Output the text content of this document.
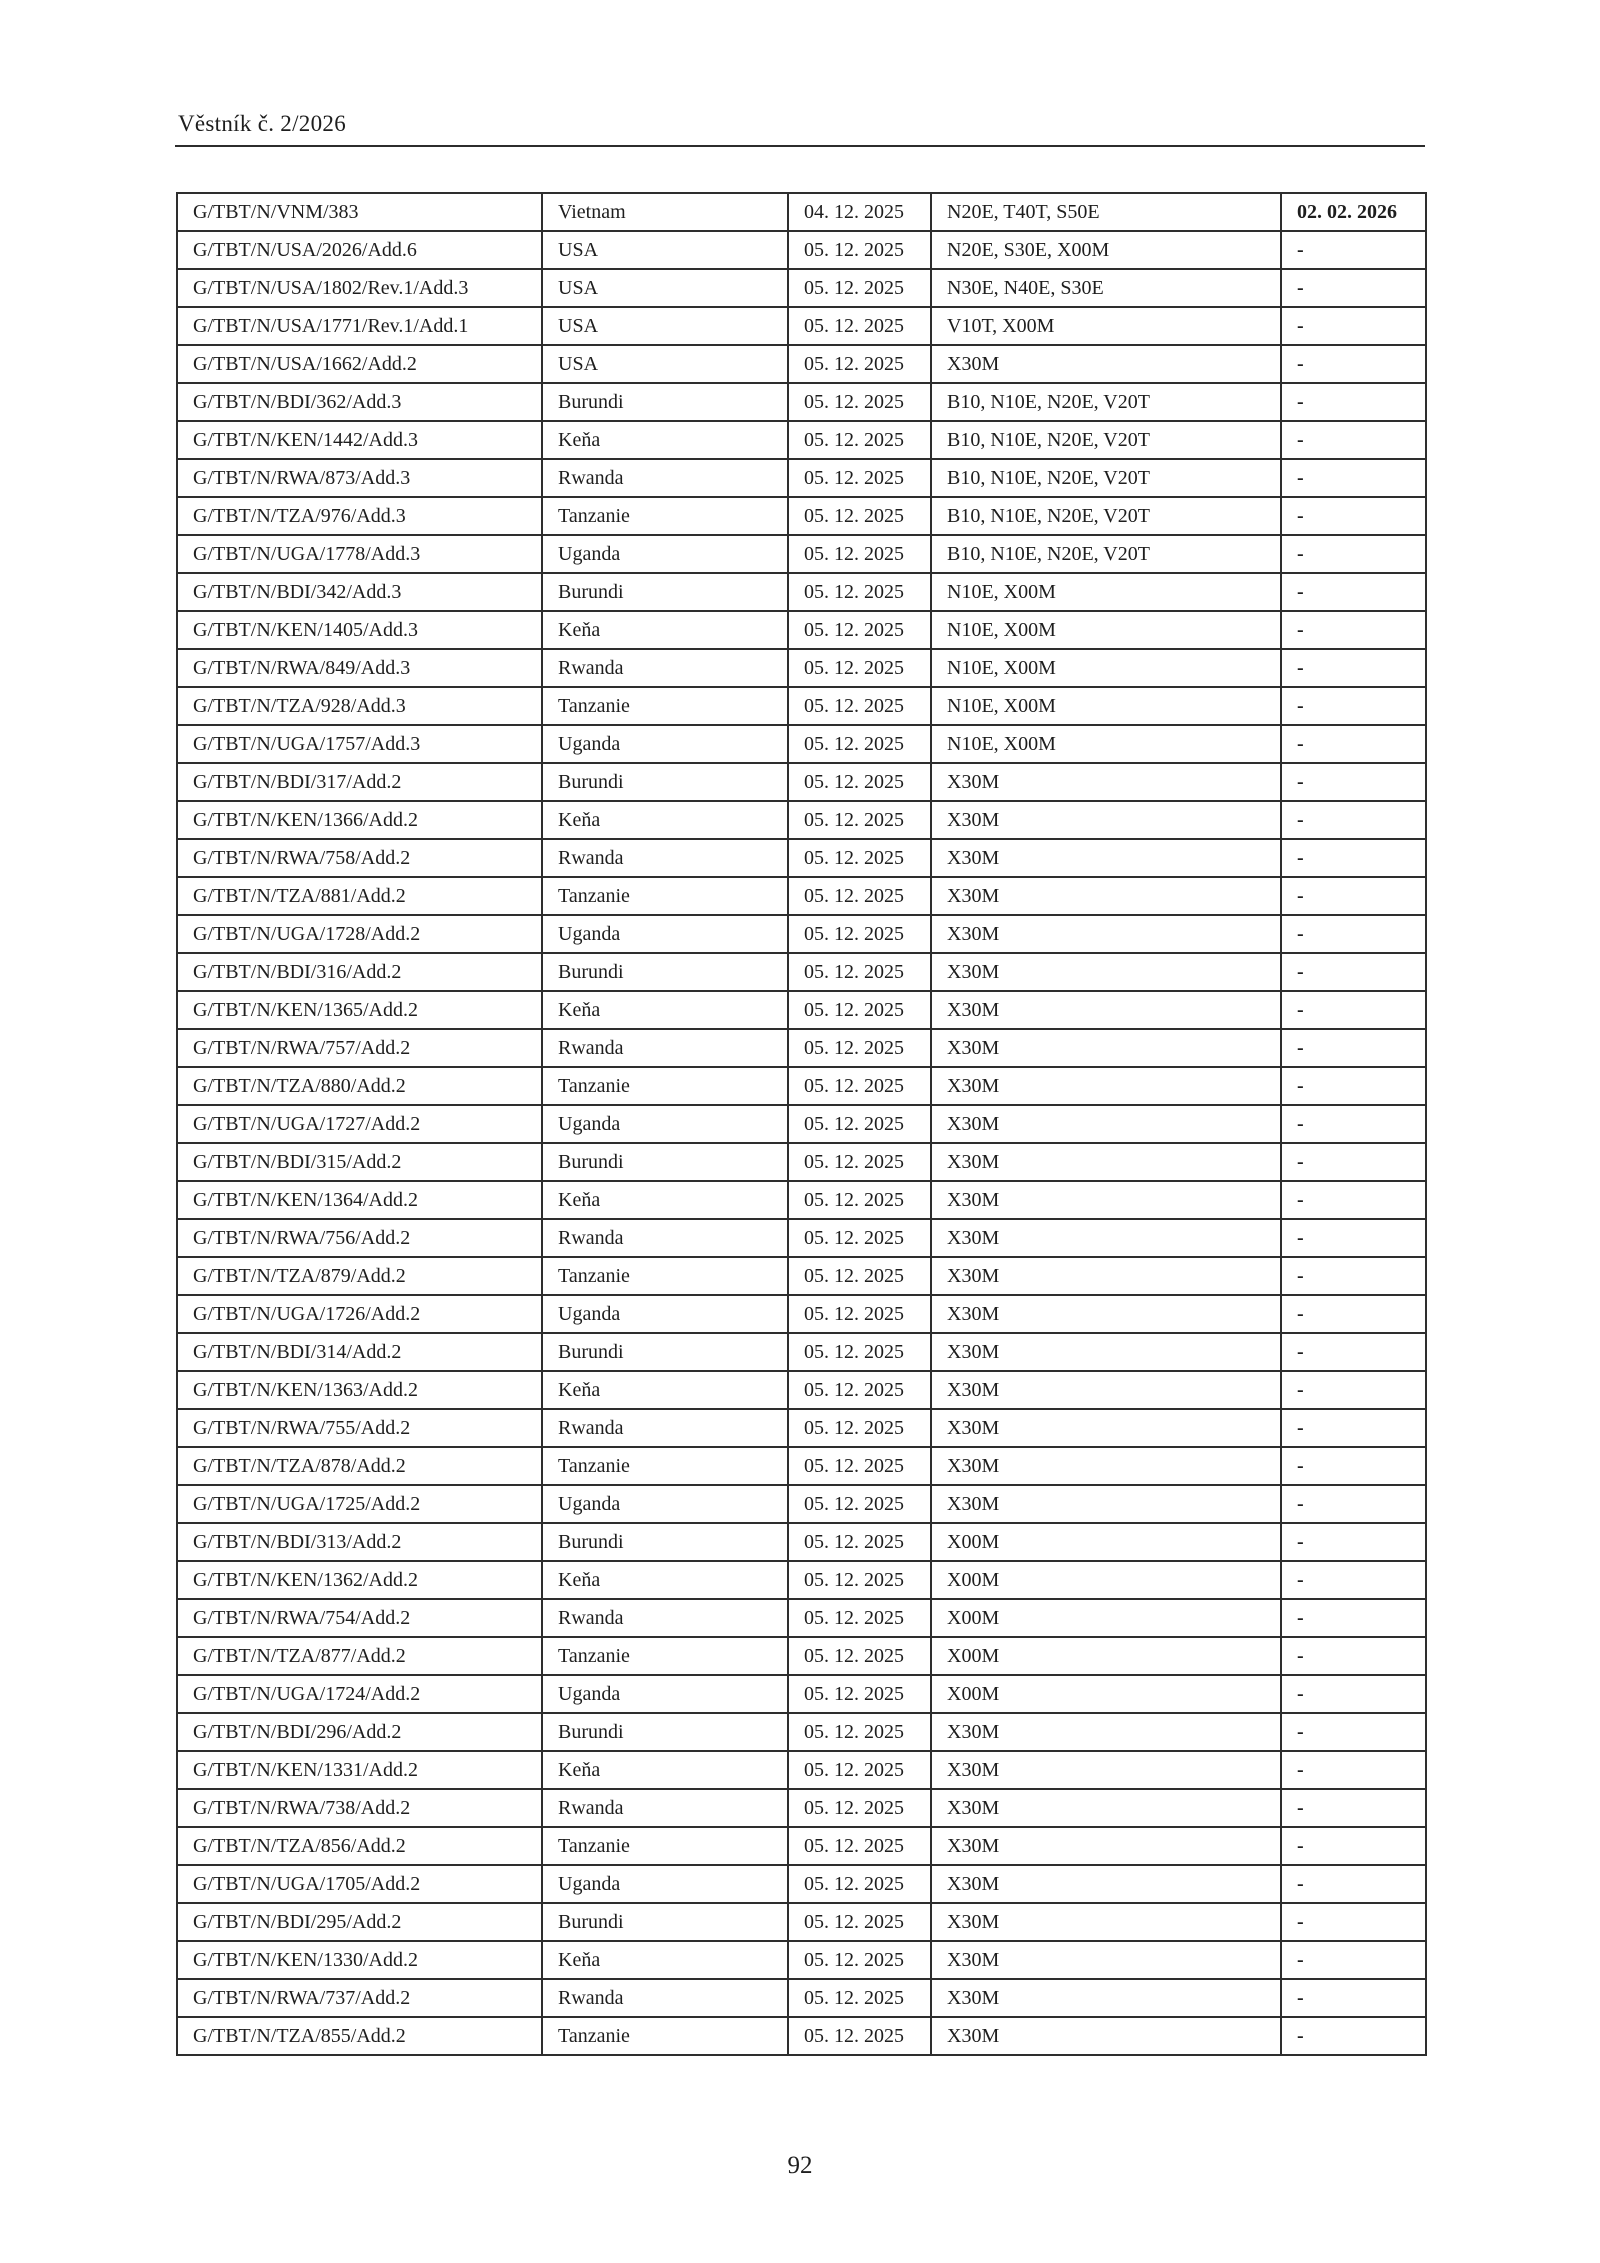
Věstník č. 2/2026
G/TBT/N/VNM/383	Vietnam	04. 12. 2025	N20E, T40T, S50E	02. 02. 2026
G/TBT/N/USA/2026/Add.6	USA	05. 12. 2025	N20E, S30E, X00M	-
G/TBT/N/USA/1802/Rev.1/Add.3	USA	05. 12. 2025	N30E, N40E, S30E	-
G/TBT/N/USA/1771/Rev.1/Add.1	USA	05. 12. 2025	V10T, X00M	-
G/TBT/N/USA/1662/Add.2	USA	05. 12. 2025	X30M	-
G/TBT/N/BDI/362/Add.3	Burundi	05. 12. 2025	B10, N10E, N20E, V20T	-
G/TBT/N/KEN/1442/Add.3	Keňa	05. 12. 2025	B10, N10E, N20E, V20T	-
G/TBT/N/RWA/873/Add.3	Rwanda	05. 12. 2025	B10, N10E, N20E, V20T	-
G/TBT/N/TZA/976/Add.3	Tanzanie	05. 12. 2025	B10, N10E, N20E, V20T	-
G/TBT/N/UGA/1778/Add.3	Uganda	05. 12. 2025	B10, N10E, N20E, V20T	-
G/TBT/N/BDI/342/Add.3	Burundi	05. 12. 2025	N10E, X00M	-
G/TBT/N/KEN/1405/Add.3	Keňa	05. 12. 2025	N10E, X00M	-
G/TBT/N/RWA/849/Add.3	Rwanda	05. 12. 2025	N10E, X00M	-
G/TBT/N/TZA/928/Add.3	Tanzanie	05. 12. 2025	N10E, X00M	-
G/TBT/N/UGA/1757/Add.3	Uganda	05. 12. 2025	N10E, X00M	-
G/TBT/N/BDI/317/Add.2	Burundi	05. 12. 2025	X30M	-
G/TBT/N/KEN/1366/Add.2	Keňa	05. 12. 2025	X30M	-
G/TBT/N/RWA/758/Add.2	Rwanda	05. 12. 2025	X30M	-
G/TBT/N/TZA/881/Add.2	Tanzanie	05. 12. 2025	X30M	-
G/TBT/N/UGA/1728/Add.2	Uganda	05. 12. 2025	X30M	-
G/TBT/N/BDI/316/Add.2	Burundi	05. 12. 2025	X30M	-
G/TBT/N/KEN/1365/Add.2	Keňa	05. 12. 2025	X30M	-
G/TBT/N/RWA/757/Add.2	Rwanda	05. 12. 2025	X30M	-
G/TBT/N/TZA/880/Add.2	Tanzanie	05. 12. 2025	X30M	-
G/TBT/N/UGA/1727/Add.2	Uganda	05. 12. 2025	X30M	-
G/TBT/N/BDI/315/Add.2	Burundi	05. 12. 2025	X30M	-
G/TBT/N/KEN/1364/Add.2	Keňa	05. 12. 2025	X30M	-
G/TBT/N/RWA/756/Add.2	Rwanda	05. 12. 2025	X30M	-
G/TBT/N/TZA/879/Add.2	Tanzanie	05. 12. 2025	X30M	-
G/TBT/N/UGA/1726/Add.2	Uganda	05. 12. 2025	X30M	-
G/TBT/N/BDI/314/Add.2	Burundi	05. 12. 2025	X30M	-
G/TBT/N/KEN/1363/Add.2	Keňa	05. 12. 2025	X30M	-
G/TBT/N/RWA/755/Add.2	Rwanda	05. 12. 2025	X30M	-
G/TBT/N/TZA/878/Add.2	Tanzanie	05. 12. 2025	X30M	-
G/TBT/N/UGA/1725/Add.2	Uganda	05. 12. 2025	X30M	-
G/TBT/N/BDI/313/Add.2	Burundi	05. 12. 2025	X00M	-
G/TBT/N/KEN/1362/Add.2	Keňa	05. 12. 2025	X00M	-
G/TBT/N/RWA/754/Add.2	Rwanda	05. 12. 2025	X00M	-
G/TBT/N/TZA/877/Add.2	Tanzanie	05. 12. 2025	X00M	-
G/TBT/N/UGA/1724/Add.2	Uganda	05. 12. 2025	X00M	-
G/TBT/N/BDI/296/Add.2	Burundi	05. 12. 2025	X30M	-
G/TBT/N/KEN/1331/Add.2	Keňa	05. 12. 2025	X30M	-
G/TBT/N/RWA/738/Add.2	Rwanda	05. 12. 2025	X30M	-
G/TBT/N/TZA/856/Add.2	Tanzanie	05. 12. 2025	X30M	-
G/TBT/N/UGA/1705/Add.2	Uganda	05. 12. 2025	X30M	-
G/TBT/N/BDI/295/Add.2	Burundi	05. 12. 2025	X30M	-
G/TBT/N/KEN/1330/Add.2	Keňa	05. 12. 2025	X30M	-
G/TBT/N/RWA/737/Add.2	Rwanda	05. 12. 2025	X30M	-
G/TBT/N/TZA/855/Add.2	Tanzanie	05. 12. 2025	X30M	-
92
